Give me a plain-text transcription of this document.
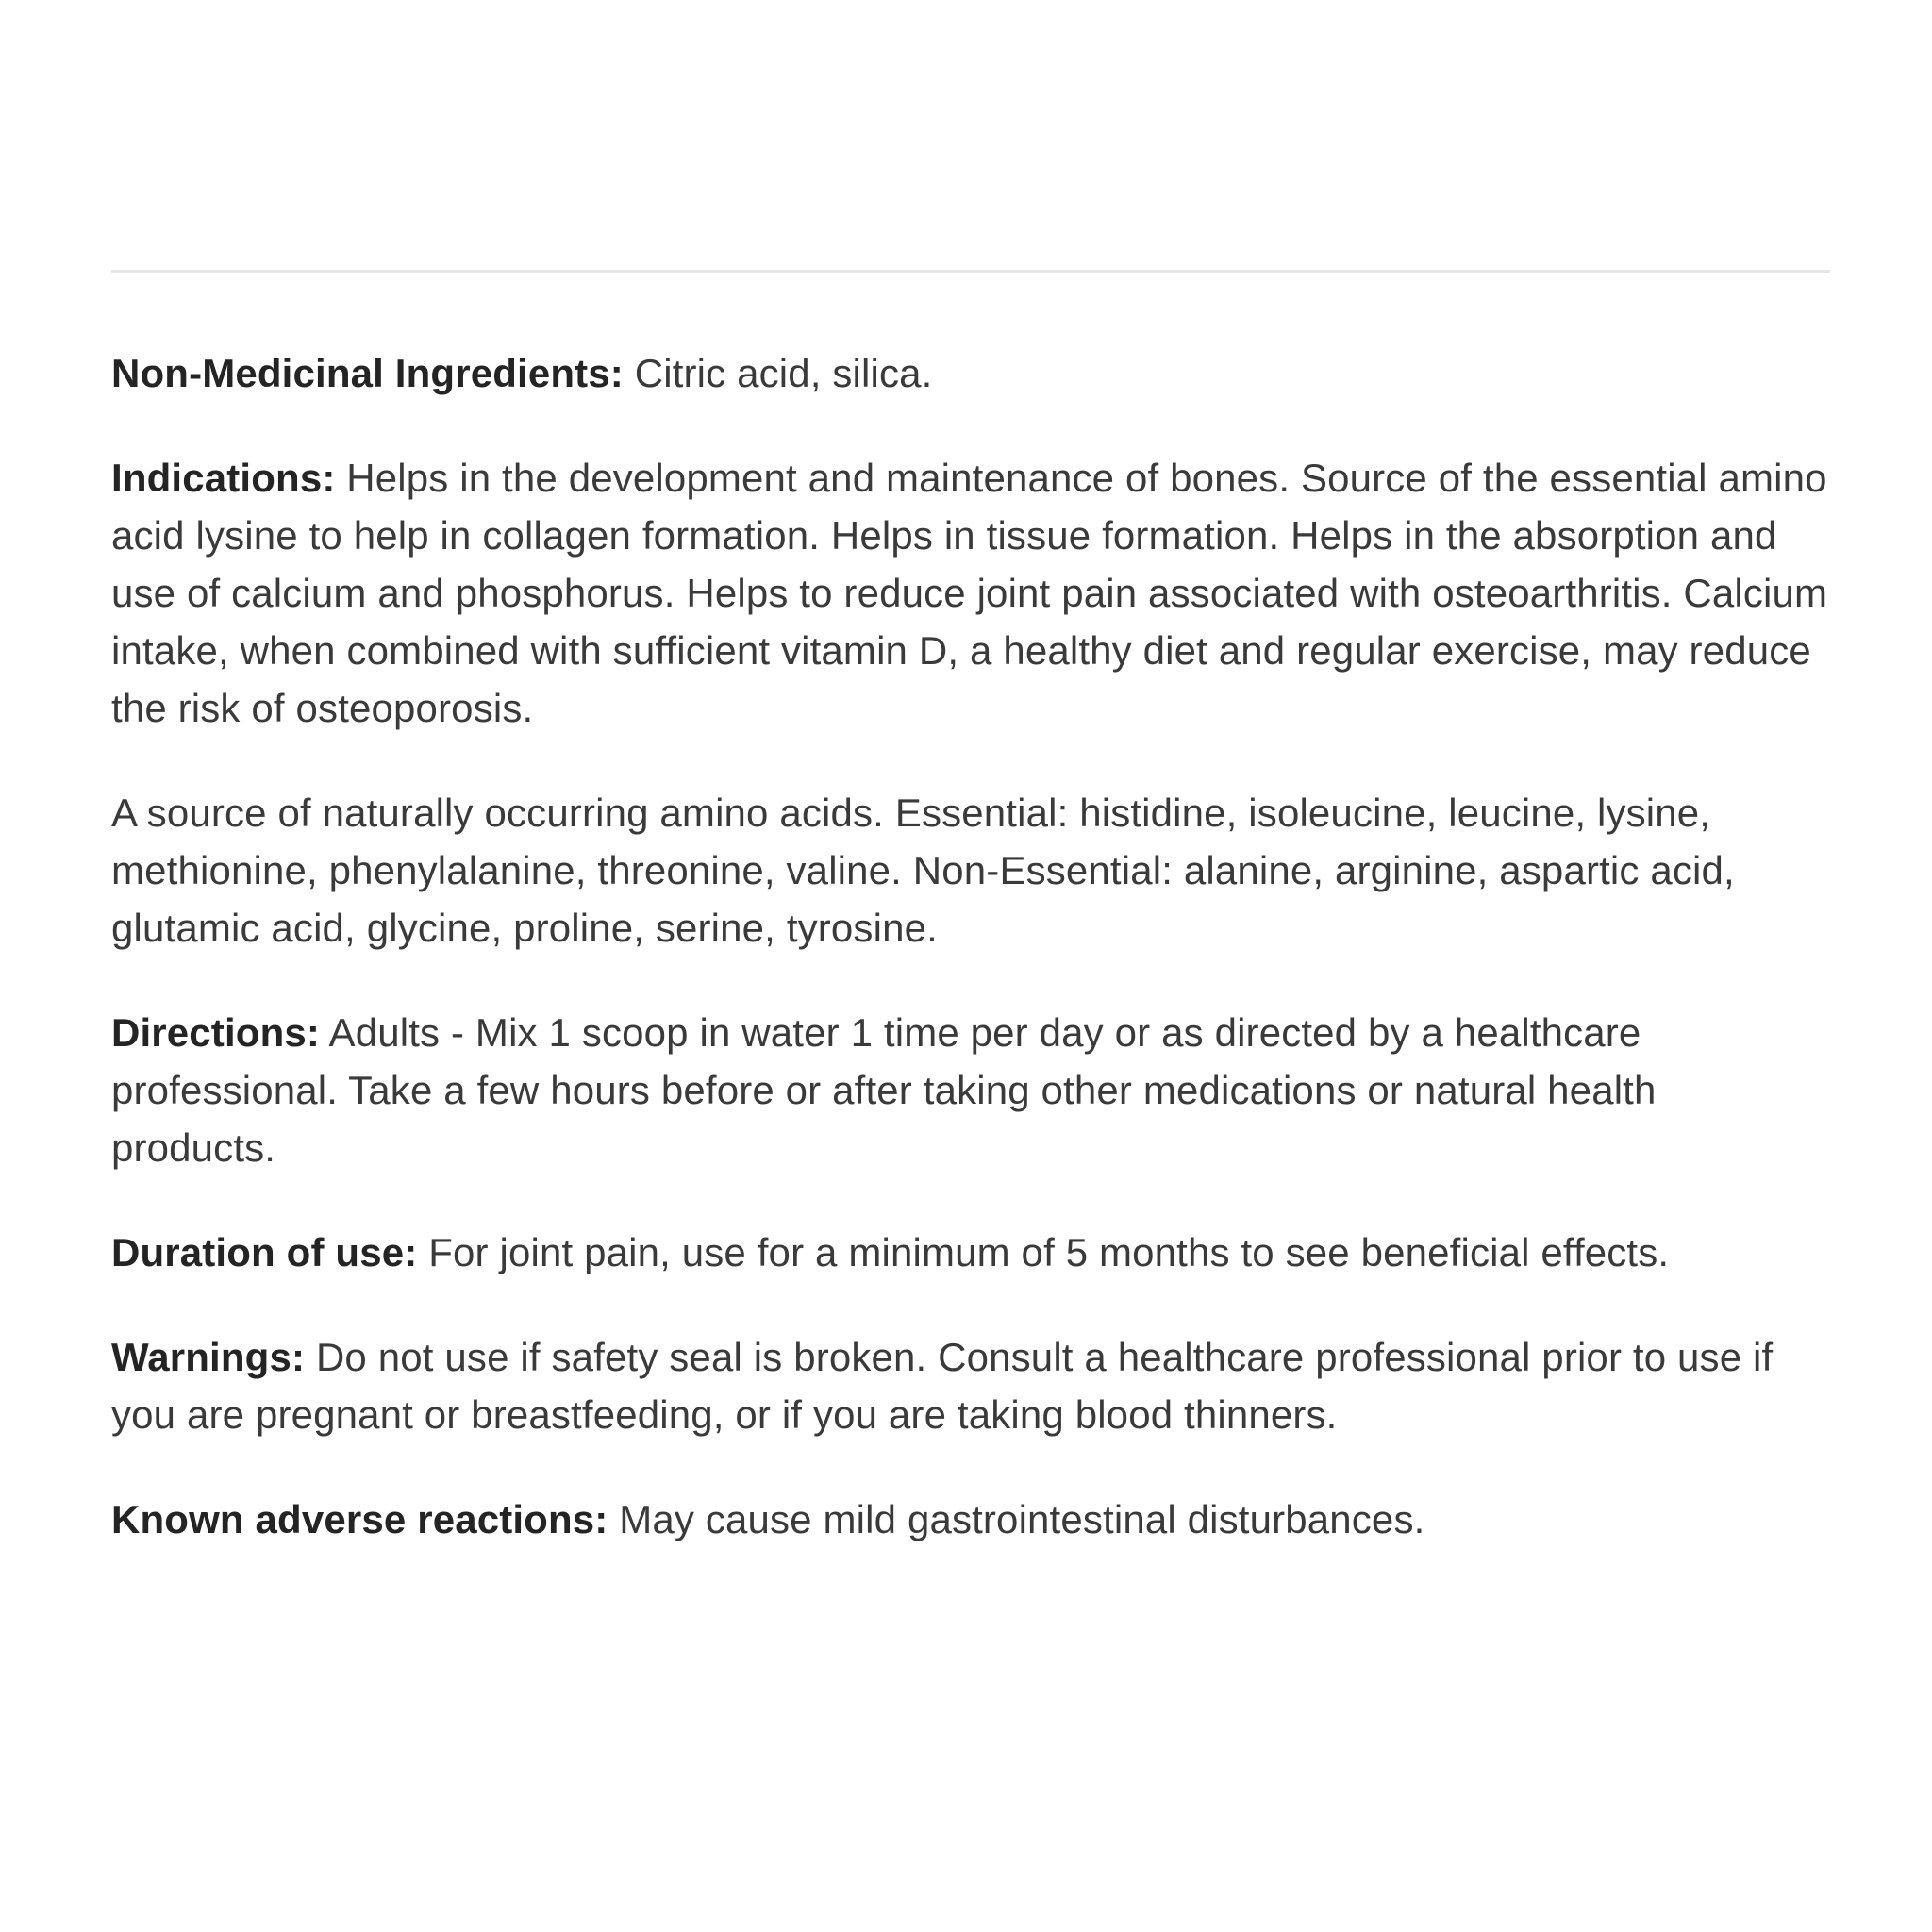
Non-Medicinal Ingredients: Citric acid, silica.

Indications: Helps in the development and maintenance of bones. Source of the essential amino acid lysine to help in collagen formation. Helps in tissue formation. Helps in the absorption and use of calcium and phosphorus. Helps to reduce joint pain associated with osteoarthritis. Calcium intake, when combined with sufficient vitamin D, a healthy diet and regular exercise, may reduce the risk of osteoporosis.

A source of naturally occurring amino acids. Essential: histidine, isoleucine, leucine, lysine, methionine, phenylalanine, threonine, valine. Non-Essential: alanine, arginine, aspartic acid, glutamic acid, glycine, proline, serine, tyrosine.

Directions: Adults - Mix 1 scoop in water 1 time per day or as directed by a healthcare professional. Take a few hours before or after taking other medications or natural health products.

Duration of use: For joint pain, use for a minimum of 5 months to see beneficial effects.

Warnings: Do not use if safety seal is broken. Consult a healthcare professional prior to use if you are pregnant or breastfeeding, or if you are taking blood thinners.

Known adverse reactions: May cause mild gastrointestinal disturbances.
